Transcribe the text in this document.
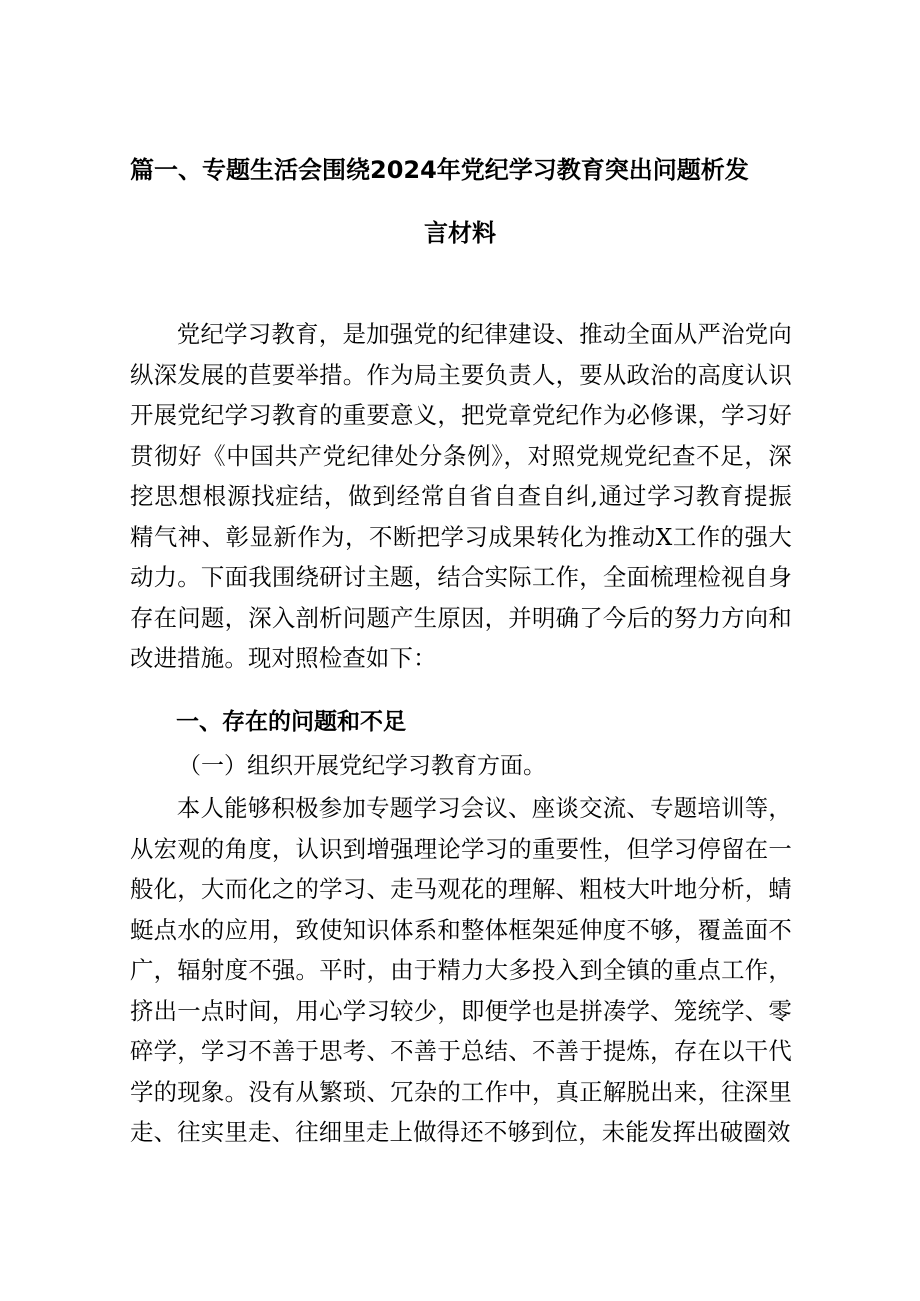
篇一、专题生活会围绕2024年党纪学习教育突出问题析发
言材料
党纪学习教育，是加强党的纪律建设、推动全面从严治党向纵深发展的苣要举措。作为局主要负责人，要从政治的高度认识开展党纪学习教育的重要意义，把党章党纪作为必修课，学习好贯彻好《中国共产党纪律处分条例》，对照党规党纪查不足，深挖思想根源找症结，做到经常自省自查自纠,通过学习教育提振精气神、彰显新作为，不断把学习成果转化为推动X工作的强大动力。下面我围绕研讨主题，结合实际工作，全面梳理检视自身存在问题，深入剖析问题产生原因，并明确了今后的努力方向和改进措施。现对照检查如下：
一、存在的问题和不足
（一）组织开展党纪学习教育方面。
本人能够积极参加专题学习会议、座谈交流、专题培训等，从宏观的角度，认识到增强理论学习的重要性，但学习停留在一般化，大而化之的学习、走马观花的理解、粗枝大叶地分析，蜻蜓点水的应用，致使知识体系和整体框架延伸度不够，覆盖面不广，辐射度不强。平时，由于精力大多投入到全镇的重点工作，挤出一点时间，用心学习较少，即便学也是拼凑学、笼统学、零碎学，学习不善于思考、不善于总结、不善于提炼，存在以干代学的现象。没有从繁琐、冗杂的工作中，真正解脱出来，往深里走、往实里走、往细里走上做得还不够到位，未能发挥出破圈效
